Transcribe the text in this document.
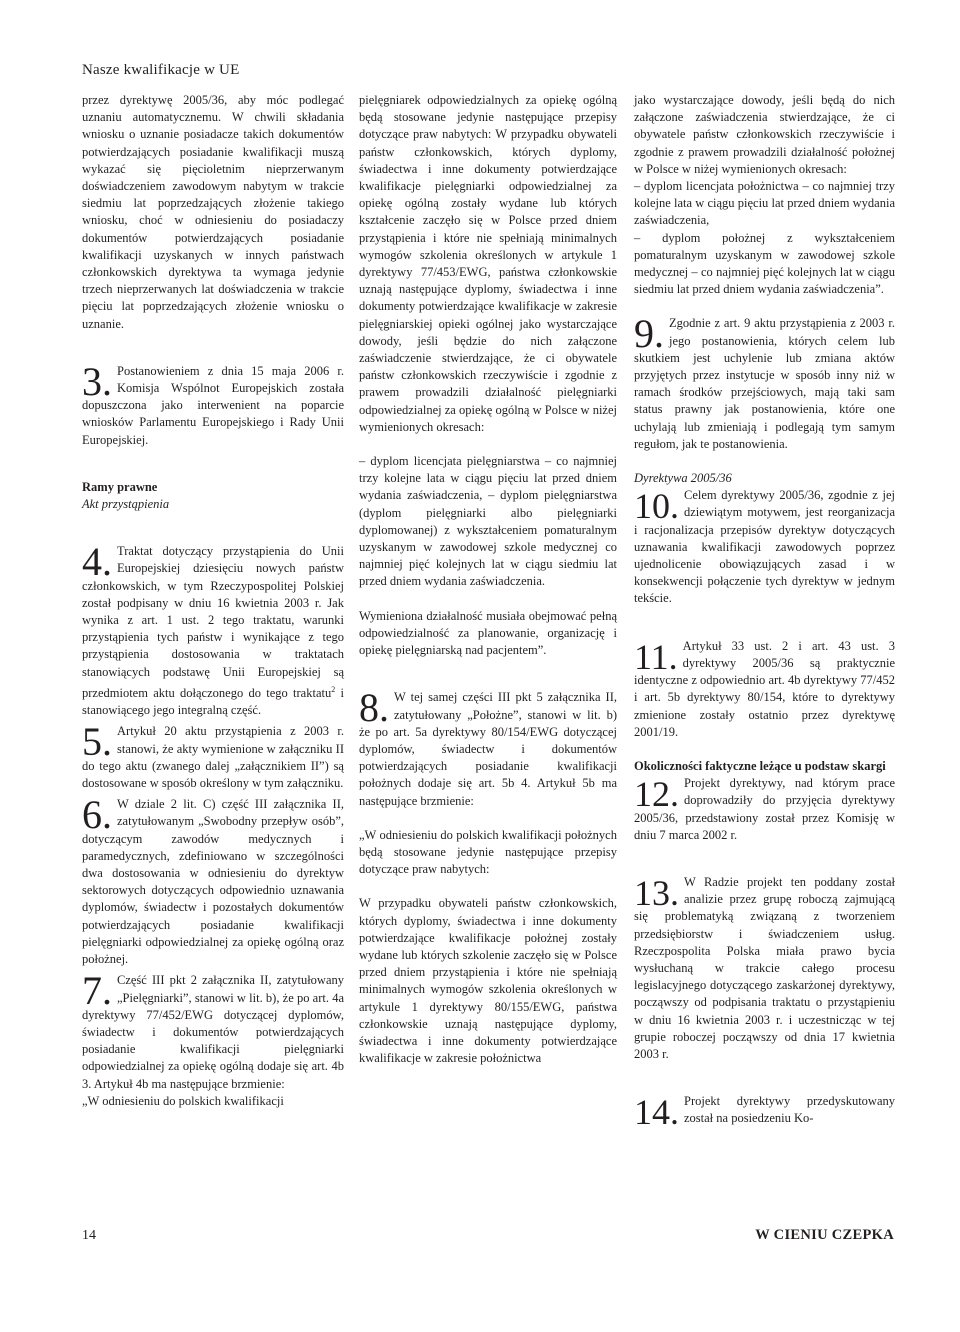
Nasze kwalifikacje w UE

przez dyrektywę 2005/36, aby móc podlegać uznaniu automatycznemu. W chwili składania wniosku o uznanie posiadacze takich dokumentów potwierdzających posiadanie kwalifikacji muszą wykazać się pięcioletnim nieprzerwanym doświadczeniem zawodowym nabytym w trakcie siedmiu lat poprzedzających złożenie takiego wniosku, choć w odniesieniu do posiadaczy dokumentów potwierdzających posiadanie kwalifikacji uzyskanych w innych państwach członkowskich dyrektywa ta wymaga jedynie trzech nieprzerwanych lat doświadczenia w trakcie pięciu lat poprzedzających złożenie wniosku o uznanie.

3. Postanowieniem z dnia 15 maja 2006 r. Komisja Wspólnot Europejskich została dopuszczona jako interwenient na poparcie wniosków Parlamentu Europejskiego i Rady Unii Europejskiej.

Ramy prawne

Akt przystąpienia

4. Traktat dotyczący przystąpienia do Unii Europejskiej dziesięciu nowych państw członkowskich, w tym Rzeczypospolitej Polskiej został podpisany w dniu 16 kwietnia 2003 r. Jak wynika z art. 1 ust. 2 tego traktatu, warunki przystąpienia tych państw i wynikające z tego przystąpienia dostosowania w traktatach stanowiących podstawę Unii Europejskiej są przedmiotem aktu dołączonego do tego traktatu$^2$ i stanowiącego jego integralną część.

5. Artykuł 20 aktu przystąpienia z 2003 r. stanowi, że akty wymienione w załączniku II do tego aktu (zwanego dalej „załącznikiem II”) są dostosowane w sposób określony w tym załączniku.

6. W dziale 2 lit. C) część III załącznika II, zatytułowanym „Swobodny przepływ osób”, dotyczącym zawodów medycznych i paramedycznych, zdefiniowano w szczególności dwa dostosowania w odniesieniu do dyrektyw sektorowych dotyczących odpowiednio uznawania dyplomów, świadectw i pozostałych dokumentów potwierdzających posiadanie kwalifikacji pielęgniarki odpowiedzialnej za opiekę ogólną oraz położnej.

7. Część III pkt 2 załącznika II, zatytułowany „Pielęgniarki”, stanowi w lit. b), że po art. 4a dyrektywy 77/452/EWG dotyczącej dyplomów, świadectw i dokumentów potwierdzających posiadanie kwalifikacji pielęgniarki odpowiedzialnej za opiekę ogólną dodaje się art. 4b 3. Artykuł 4b ma następujące brzmienie:

„W odniesieniu do polskich kwalifikacji

pielęgniarek odpowiedzialnych za opiekę ogólną będą stosowane jedynie następujące przepisy dotyczące praw nabytych: W przypadku obywateli państw członkowskich, których dyplomy, świadectwa i inne dokumenty potwierdzające kwalifikacje pielęgniarki odpowiedzialnej za opiekę ogólną zostały wydane lub których kształcenie zaczęło się w Polsce przed dniem przystąpienia i które nie spełniają minimalnych wymogów szkolenia określonych w artykule 1 dyrektywy 77/453/EWG, państwa członkowskie uznają następujące dyplomy, świadectwa i inne dokumenty potwierdzające kwalifikacje w zakresie pielęgniarskiej opieki ogólnej jako wystarczające dowody, jeśli będzie do nich załączone zaświadczenie stwierdzające, że ci obywatele państw członkowskich rzeczywiście i zgodnie z prawem prowadzili działalność pielęgniarki odpowiedzialnej za opiekę ogólną w Polsce w niżej wymienionych okresach:

– dyplom licencjata pielęgniarstwa – co najmniej trzy kolejne lata w ciągu pięciu lat przed dniem wydania zaświadczenia, – dyplom pielęgniarstwa (dyplom pielęgniarki albo pielęgniarki dyplomowanej) z wykształceniem pomaturalnym uzyskanym w zawodowej szkole medycznej co najmniej pięć kolejnych lat w ciągu siedmiu lat przed dniem wydania zaświadczenia.

Wymieniona działalność musiała obejmować pełną odpowiedzialność za planowanie, organizację i opiekę pielęgniarską nad pacjentem”.

8. W tej samej części III pkt 5 załącznika II, zatytułowany „Położne”, stanowi w lit. b) że po art. 5a dyrektywy 80/154/EWG dotyczącej dyplomów, świadectw i dokumentów potwierdzających posiadanie kwalifikacji położnych dodaje się art. 5b 4. Artykuł 5b ma następujące brzmienie:

„W odniesieniu do polskich kwalifikacji położnych będą stosowane jedynie następujące przepisy dotyczące praw nabytych:

W przypadku obywateli państw członkowskich, których dyplomy, świadectwa i inne dokumenty potwierdzające kwalifikacje położnej zostały wydane lub których szkolenie zaczęło się w Polsce przed dniem przystąpienia i które nie spełniają minimalnych wymogów szkolenia określonych w artykule 1 dyrektywy 80/155/EWG, państwa członkowskie uznają następujące dyplomy, świadectwa i inne dokumenty potwierdzające kwalifikacje w zakresie położnictwa

jako wystarczające dowody, jeśli będą do nich załączone zaświadczenia stwierdzające, że ci obywatele państw członkowskich rzeczywiście i zgodnie z prawem prowadzili działalność położnej w Polsce w niżej wymienionych okresach:

– dyplom licencjata położnictwa – co najmniej trzy kolejne lata w ciągu pięciu lat przed dniem wydania zaświadczenia,

– dyplom położnej z wykształceniem pomaturalnym uzyskanym w zawodowej szkole medycznej – co najmniej pięć kolejnych lat w ciągu siedmiu lat przed dniem wydania zaświadczenia”.

9. Zgodnie z art. 9 aktu przystąpienia z 2003 r. jego postanowienia, których celem lub skutkiem jest uchylenie lub zmiana aktów przyjętych przez instytucje w sposób inny niż w ramach środków przejściowych, mają taki sam status prawny jak postanowienia, które one uchylają lub zmieniają i podlegają tym samym regułom, jak te postanowienia.

Dyrektywa 2005/36

10. Celem dyrektywy 2005/36, zgodnie z jej dziewiątym motywem, jest reorganizacja i racjonalizacja przepisów dyrektyw dotyczących uznawania kwalifikacji zawodowych poprzez ujednolicenie obowiązujących zasad i w konsekwencji połączenie tych dyrektyw w jednym tekście.

11. Artykuł 33 ust. 2 i art. 43 ust. 3 dyrektywy 2005/36 są praktycznie identyczne z odpowiednio art. 4b dyrektywy 77/452 i art. 5b dyrektywy 80/154, które to dyrektywy zmienione zostały ostatnio przez dyrektywę 2001/19.

Okoliczności faktyczne leżące u podstaw skargi

12. Projekt dyrektywy, nad którym prace doprowadziły do przyjęcia dyrektywy 2005/36, przedstawiony został przez Komisję w dniu 7 marca 2002 r.

13. W Radzie projekt ten poddany został analizie przez grupę roboczą zajmującą się problematyką związaną z tworzeniem przedsiębiorstw i świadczeniem usług. Rzeczpospolita Polska miała prawo bycia wysłuchaną w trakcie całego procesu legislacyjnego dotyczącego zaskarżonej dyrektywy, począwszy od podpisania traktatu o przystąpieniu w dniu 16 kwietnia 2003 r. i uczestnicząc w tej grupie roboczej począwszy od dnia 17 kwietnia 2003 r.

14. Projekt dyrektywy przedyskutowany został na posiedzeniu Ko-

14	W CIENIU CZEPKA
